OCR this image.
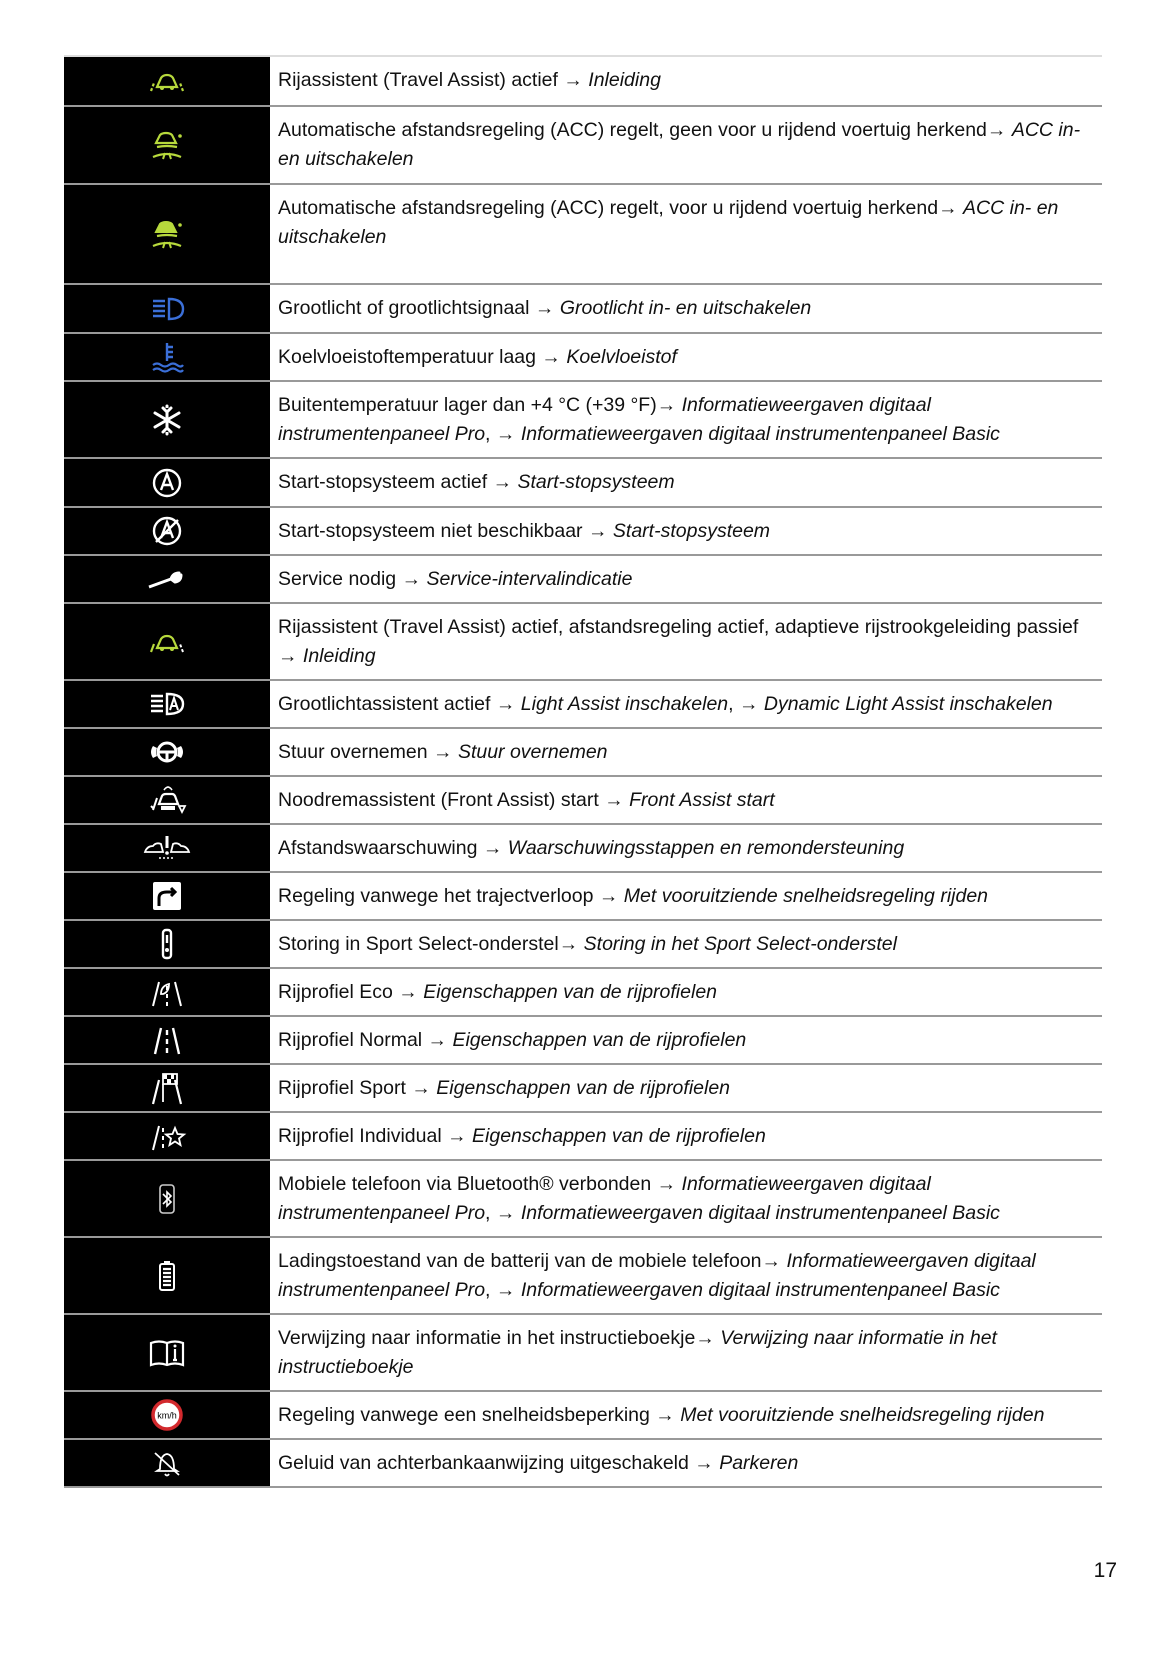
Rijassistent (Travel Assist) actief → Inleiding
Automatische afstandsregeling (ACC) regelt, geen voor u rijdend voertuig herkend→ ACC in- en uitschakelen
Automatische afstandsregeling (ACC) regelt, voor u rijdend voertuig herkend→ ACC in- en uitschakelen
Grootlicht of grootlichtsignaal → Grootlicht in- en uitschakelen
Koelvloeistoftemperatuur laag → Koelvloeistof
Buitentemperatuur lager dan +4 °C (+39 °F)→ Informatieweergaven digitaal instrumentenpaneel Pro, → Informatieweergaven digitaal instrumentenpaneel Basic
Start-stopsysteem actief → Start-stopsysteem
Start-stopsysteem niet beschikbaar → Start-stopsysteem
Service nodig → Service-intervalindicatie
Rijassistent (Travel Assist) actief, afstandsregeling actief, adaptieve rijstrookgeleiding passief → Inleiding
Grootlichtassistent actief → Light Assist inschakelen, → Dynamic Light Assist inschakelen
Stuur overnemen → Stuur overnemen
Noodremassistent (Front Assist) start → Front Assist start
Afstandswaarschuwing → Waarschuwingsstappen en remondersteuning
Regeling vanwege het trajectverloop → Met vooruitziende snelheidsregeling rijden
Storing in Sport Select-onderstel→ Storing in het Sport Select-onderstel
Rijprofiel Eco → Eigenschappen van de rijprofielen
Rijprofiel Normal → Eigenschappen van de rijprofielen
Rijprofiel Sport → Eigenschappen van de rijprofielen
Rijprofiel Individual → Eigenschappen van de rijprofielen
Mobiele telefoon via Bluetooth® verbonden → Informatieweergaven digitaal instrumentenpaneel Pro, → Informatieweergaven digitaal instrumentenpaneel Basic
Ladingstoestand van de batterij van de mobiele telefoon→ Informatieweergaven digitaal instrumentenpaneel Pro, → Informatieweergaven digitaal instrumentenpaneel Basic
Verwijzing naar informatie in het instructieboekje→ Verwijzing naar informatie in het instructieboekje
km/h	Regeling vanwege een snelheidsbeperking → Met vooruitziende snelheidsregeling rijden
Geluid van achterbankaanwijzing uitgeschakeld → Parkeren
17
